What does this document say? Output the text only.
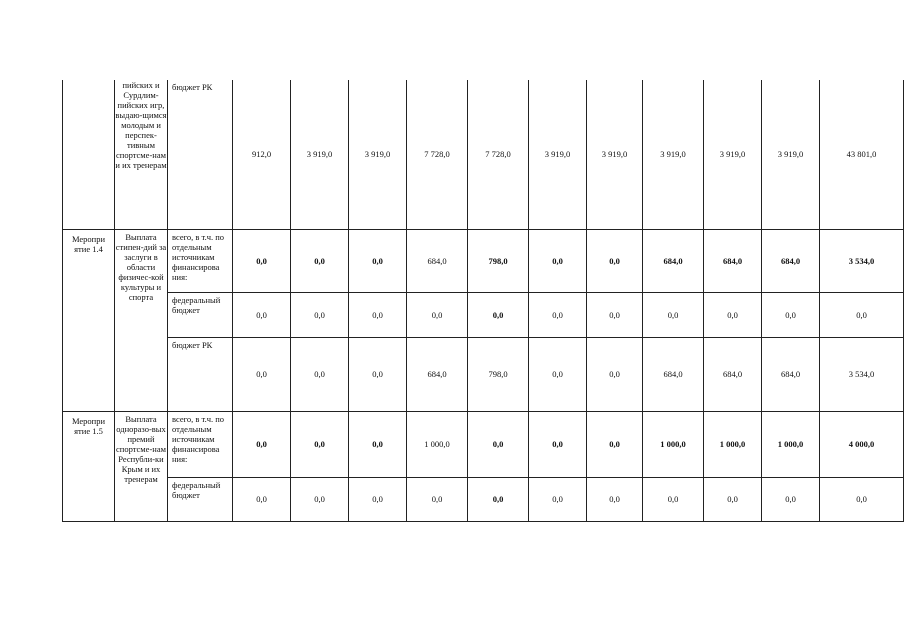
	пийских и Сурдлим-пийских игр, выдаю-щимся молодым и перспек-тивным спортсме-нам и их тренерам	бюджет РК	912,0	3 919,0	3 919,0	7 728,0	7 728,0	3 919,0	3 919,0	3 919,0	3 919,0	3 919,0	43 801,0
Меропри ятие 1.4	Выплата стипен-дий за заслуги в области физичес-кой культуры и спорта	всего, в т.ч. по отдельным источникам финансирова ния:	0,0	0,0	0,0	684,0	798,0	0,0	0,0	684,0	684,0	684,0	3 534,0
		федеральный бюджет	0,0	0,0	0,0	0,0	0,0	0,0	0,0	0,0	0,0	0,0	0,0
		бюджет РК	0,0	0,0	0,0	684,0	798,0	0,0	0,0	684,0	684,0	684,0	3 534,0
Меропри ятие 1.5	Выплата одноразо-вых премий спортсме-нам Республи-ки Крым и их тренерам	всего, в т.ч. по отдельным источникам финансирова ния:	0,0	0,0	0,0	1 000,0	0,0	0,0	0,0	1 000,0	1 000,0	1 000,0	4 000,0
		федеральный бюджет	0,0	0,0	0,0	0,0	0,0	0,0	0,0	0,0	0,0	0,0	0,0
